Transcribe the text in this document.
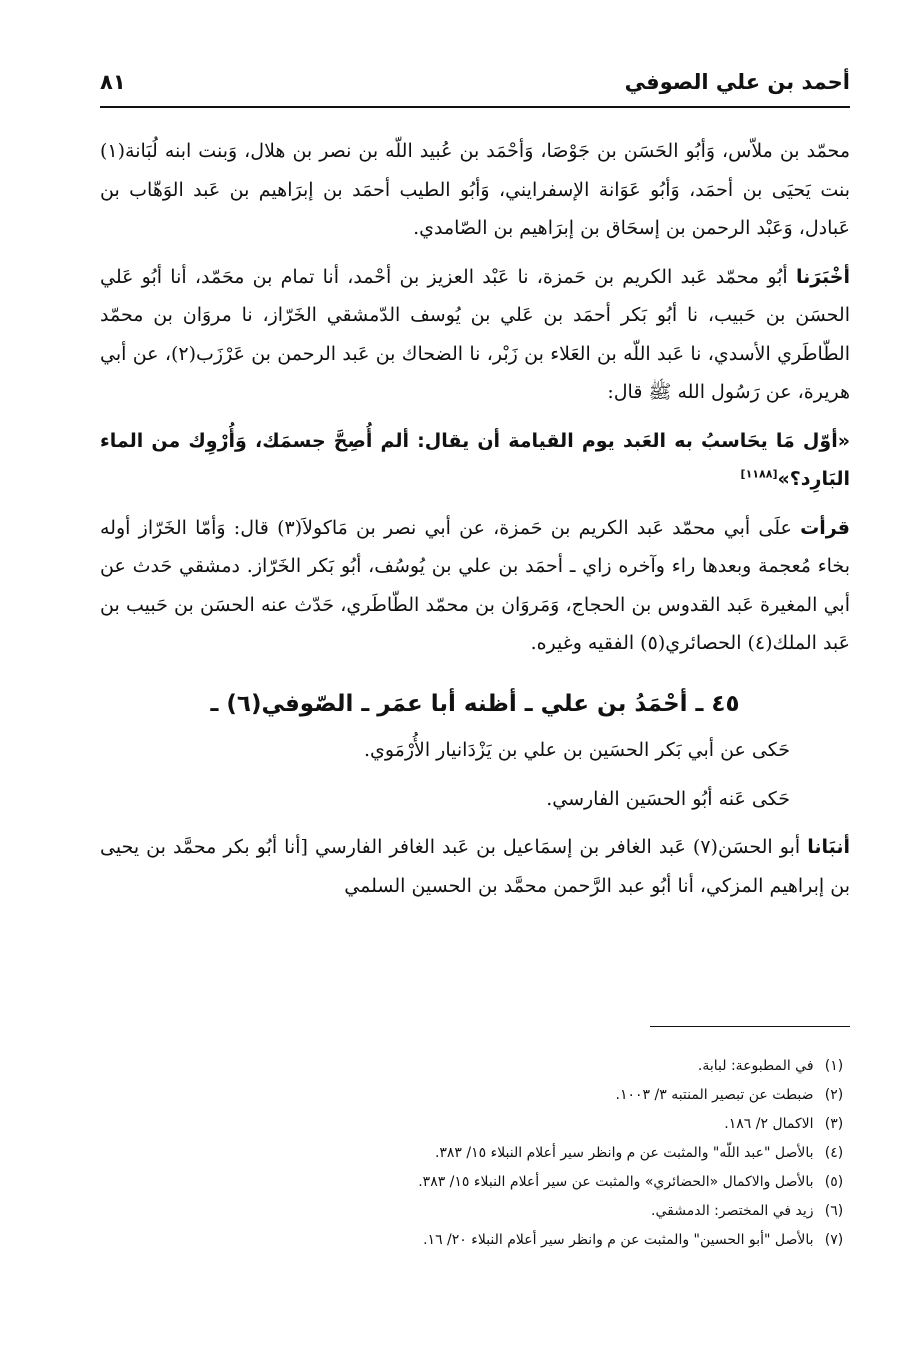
أحمد بن علي الصوفي
٨١

محمّد بن ملاّس، وَأبُو الحَسَن بن جَوْصَا، وَأحْمَد بن عُبيد اللّه بن نصر بن هلال، وَبنت ابنه لُبَانة(١) بنت يَحيَى بن أحمَد، وَأبُو عَوَانة الإسفرايني، وَأبُو الطيب أحمَد بن إبرَاهيم بن عَبد الوَهّاب بن عَبادل، وَعَبْد الرحمن بن إسحَاق بن إبرَاهيم بن الصّامدي.

أخْبَرَنا أبُو محمّد عَبد الكريم بن حَمزة، نا عَبْد العزيز بن أحْمد، أنا تمام بن محَمّد، أنا أبُو عَلي الحسَن بن حَبيب، نا أبُو بَكر أحمَد بن عَلي بن يُوسف الدّمشقي الخَرّاز، نا مروَان بن محمّد الطّاطَري الأسدي، نا عَبد اللّه بن العَلاء بن زَبْر، نا الضحاك بن عَبد الرحمن بن عَرْزَب(٢)، عن أبي هريرة، عن رَسُول الله ﷺ قال:

«أوّل مَا يحَاسبُ به العَبد يوم القيامة أن يقال: ألم أُصِحَّ جسمَك، وَأُرْوِك من الماء البَارِد؟»[١١٨٨]

قرأت علَى أبي محمّد عَبد الكريم بن حَمزة، عن أبي نصر بن مَاكولاَ(٣) قال: وَأمّا الخَرّاز أوله بخاء مُعجمة وبعدها راء وآخره زاي ـ أحمَد بن علي بن يُوسُف، أبُو بَكر الخَرّاز. دمشقي حَدث عن أبي المغيرة عَبد القدوس بن الحجاج، وَمَروَان بن محمّد الطّاطَري، حَدّث عنه الحسَن بن حَبيب بن عَبد الملك(٤) الحصائري(٥) الفقيه وغيره.

٤٥ ـ أحْمَدُ بن علي ـ أظنه أبا عمَر ـ الصّوفي(٦) ـ

حَكى عن أبي بَكر الحسَين بن علي بن يَزْدَانيار الأُرْمَوي.

حَكى عَنه أبُو الحسَين الفارسي.

أنبَانا أبو الحسَن(٧) عَبد الغافر بن إسمَاعيل بن عَبد الغافر الفارسي [أنا أبُو بكر محمَّد بن يحيى بن إبراهيم المزكي، أنا أبُو عبد الرَّحمن محمَّد بن الحسين السلمي

(١) في المطبوعة: لبابة.
(٢) ضبطت عن تبصير المنتبه ٣/ ١٠٠٣.
(٣) الاكمال ٢/ ١٨٦.
(٤) بالأصل "عبد اللّه" والمثبت عن م وانظر سير أعلام النبلاء ١٥/ ٣٨٣.
(٥) بالأصل والاكمال «الحضائري» والمثبت عن سير أعلام النبلاء ١٥/ ٣٨٣.
(٦) زيد في المختصر: الدمشقي.
(٧) بالأصل "أبو الحسين" والمثبت عن م وانظر سير أعلام النبلاء ٢٠/ ١٦.
